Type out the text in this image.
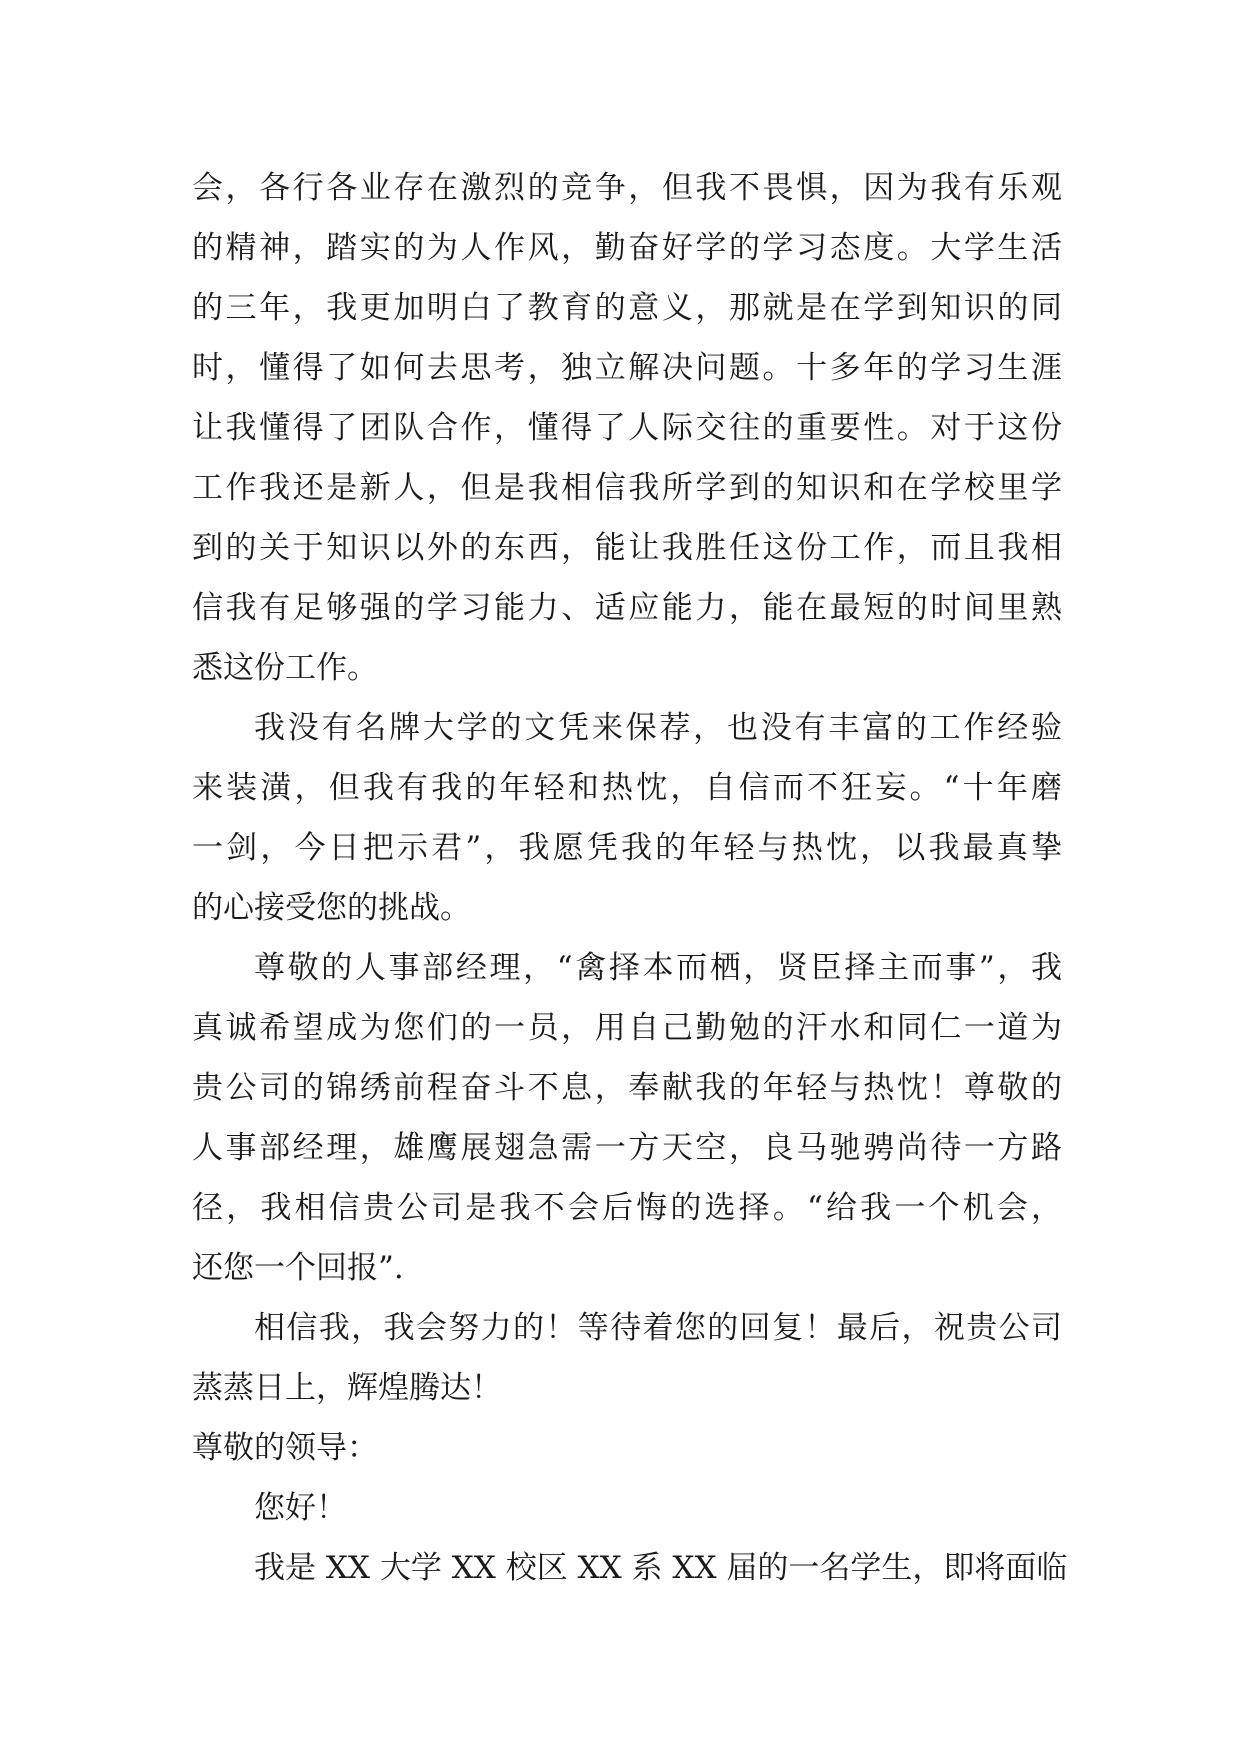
会，各行各业存在激烈的竞争，但我不畏惧，因为我有乐观
的精神，踏实的为人作风，勤奋好学的学习态度。大学生活
的三年，我更加明白了教育的意义，那就是在学到知识的同
时，懂得了如何去思考，独立解决问题。十多年的学习生涯
让我懂得了团队合作，懂得了人际交往的重要性。对于这份
工作我还是新人，但是我相信我所学到的知识和在学校里学
到的关于知识以外的东西，能让我胜任这份工作，而且我相
信我有足够强的学习能力、适应能力，能在最短的时间里熟
悉这份工作。
我没有名牌大学的文凭来保荐，也没有丰富的工作经验
来装潢，但我有我的年轻和热忱，自信而不狂妄。“十年磨
一剑，今日把示君”，我愿凭我的年轻与热忱，以我最真挚
的心接受您的挑战。
尊敬的人事部经理，“禽择本而栖，贤臣择主而事”，我
真诚希望成为您们的一员，用自己勤勉的汗水和同仁一道为
贵公司的锦绣前程奋斗不息，奉献我的年轻与热忱！尊敬的
人事部经理，雄鹰展翅急需一方天空，良马驰骋尚待一方路
径，我相信贵公司是我不会后悔的选择。“给我一个机会，
还您一个回报”.
相信我，我会努力的！等待着您的回复！最后，祝贵公司
蒸蒸日上，辉煌腾达！
尊敬的领导：
您好！
我是 XX 大学 XX 校区 XX 系 XX 届的一名学生，即将面临
